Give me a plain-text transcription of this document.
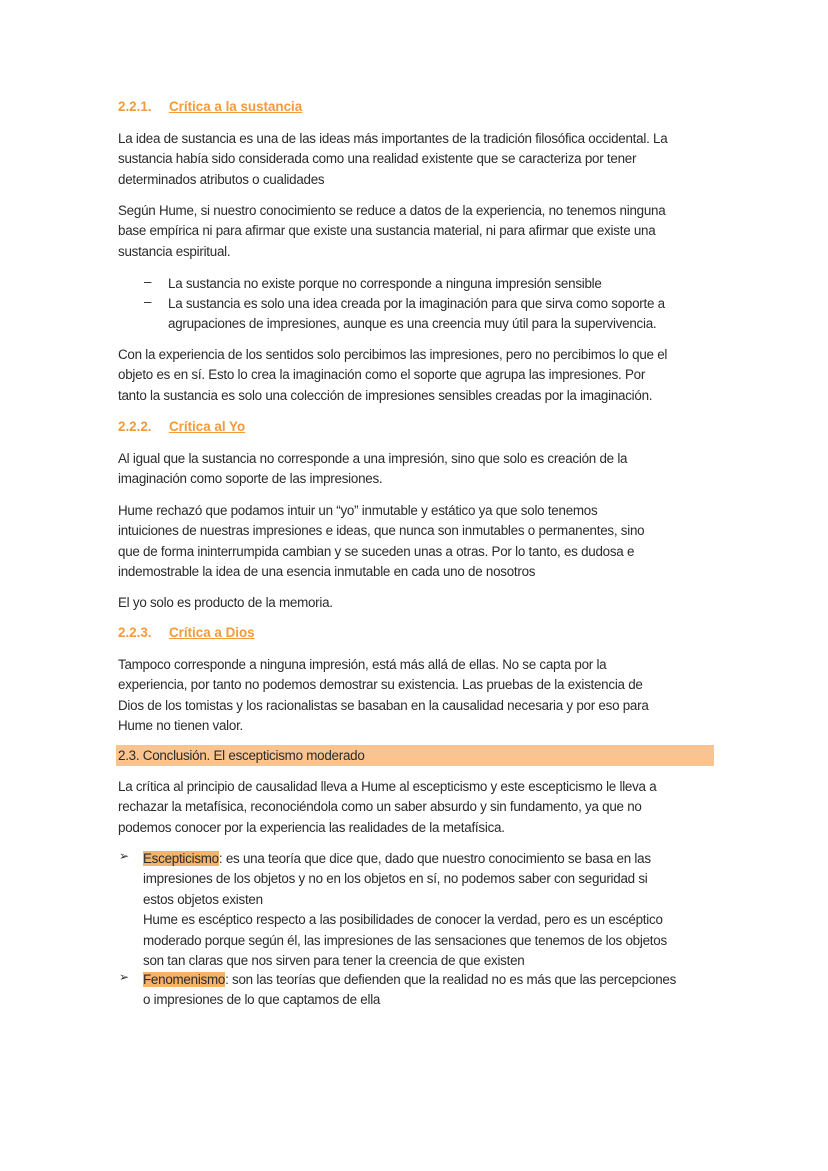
2.2.1. Crítica a la sustancia
2.2.2. Crítica al Yo
2.2.3. Crítica a Dios
2.3. Conclusión. El escepticismo moderado
La idea de sustancia es una de las ideas más importantes de la tradición filosófica occidental. La
sustancia había sido considerada como una realidad existente que se caracteriza por tener
determinados atributos o cualidades
Según Hume, si nuestro conocimiento se reduce a datos de la experiencia, no tenemos ninguna
base empírica ni para afirmar que existe una sustancia material, ni para afirmar que existe una
sustancia espiritual.
– La sustancia no existe porque no corresponde a ninguna impresión sensible
– La sustancia es solo una idea creada por la imaginación para que sirva como soporte a
agrupaciones de impresiones, aunque es una creencia muy útil para la supervivencia.
Con la experiencia de los sentidos solo percibimos las impresiones, pero no percibimos lo que el
objeto es en sí. Esto lo crea la imaginación como el soporte que agrupa las impresiones. Por
tanto la sustancia es solo una colección de impresiones sensibles creadas por la imaginación.
Al igual que la sustancia no corresponde a una impresión, sino que solo es creación de la
imaginación como soporte de las impresiones.
Hume rechazó que podamos intuir un “yo” inmutable y estático ya que solo tenemos
intuiciones de nuestras impresiones e ideas, que nunca son inmutables o permanentes, sino
que de forma ininterrumpida cambian y se suceden unas a otras. Por lo tanto, es dudosa e
indemostrable la idea de una esencia inmutable en cada uno de nosotros
El yo solo es producto de la memoria.
Tampoco corresponde a ninguna impresión, está más allá de ellas. No se capta por la
experiencia, por tanto no podemos demostrar su existencia. Las pruebas de la existencia de
Dios de los tomistas y los racionalistas se basaban en la causalidad necesaria y por eso para
Hume no tienen valor.
La crítica al principio de causalidad lleva a Hume al escepticismo y este escepticismo le lleva a
rechazar la metafísica, reconociéndola como un saber absurdo y sin fundamento, ya que no
podemos conocer por la experiencia las realidades de la metafísica.
➢ Escepticismo: es una teoría que dice que, dado que nuestro conocimiento se basa en las
impresiones de los objetos y no en los objetos en sí, no podemos saber con seguridad si
estos objetos existen
Hume es escéptico respecto a las posibilidades de conocer la verdad, pero es un escéptico
moderado porque según él, las impresiones de las sensaciones que tenemos de los objetos
son tan claras que nos sirven para tener la creencia de que existen
➢ Fenomenismo: son las teorías que defienden que la realidad no es más que las percepciones
o impresiones de lo que captamos de ella
